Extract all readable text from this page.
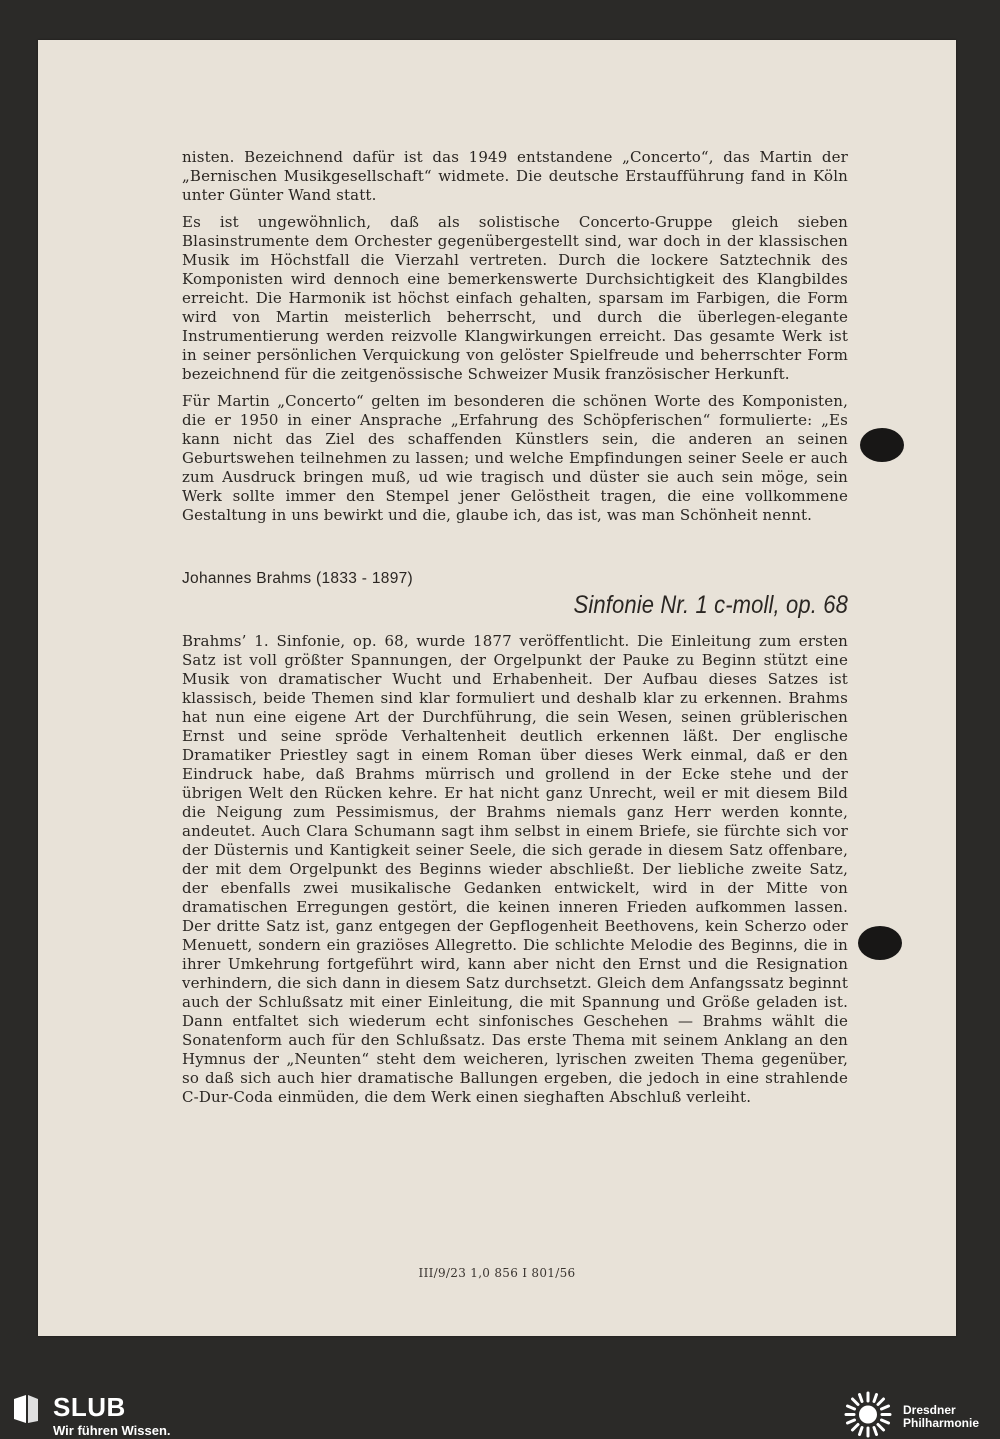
nisten. Bezeichnend dafür ist das 1949 entstandene „Concerto“, das Martin der „Bernischen Musikgesellschaft“ widmete. Die deutsche Erstaufführung fand in Köln unter Günter Wand statt.

Es ist ungewöhnlich, daß als solistische Concerto-Gruppe gleich sieben Blasinstrumente dem Orchester gegenübergestellt sind, war doch in der klassischen Musik im Höchstfall die Vierzahl vertreten. Durch die lockere Satztechnik des Komponisten wird dennoch eine bemerkenswerte Durchsichtigkeit des Klangbildes erreicht. Die Harmonik ist höchst einfach gehalten, sparsam im Farbigen, die Form wird von Martin meisterlich beherrscht, und durch die überlegen-elegante Instrumentierung werden reizvolle Klangwirkungen erreicht. Das gesamte Werk ist in seiner persönlichen Verquickung von gelöster Spielfreude und beherrschter Form bezeichnend für die zeitgenössische Schweizer Musik französischer Herkunft.

Für Martin „Concerto“ gelten im besonderen die schönen Worte des Komponisten, die er 1950 in einer Ansprache „Erfahrung des Schöpferischen“ formulierte: „Es kann nicht das Ziel des schaffenden Künstlers sein, die anderen an seinen Geburtswehen teilnehmen zu lassen; und welche Empfindungen seiner Seele er auch zum Ausdruck bringen muß, ud wie tragisch und düster sie auch sein möge, sein Werk sollte immer den Stempel jener Gelöstheit tragen, die eine vollkommene Gestaltung in uns bewirkt und die, glaube ich, das ist, was man Schönheit nennt.

Johannes Brahms (1833 - 1897)
Sinfonie Nr. 1 c-moll, op. 68

Brahms’ 1. Sinfonie, op. 68, wurde 1877 veröffentlicht. Die Einleitung zum ersten Satz ist voll größter Spannungen, der Orgelpunkt der Pauke zu Beginn stützt eine Musik von dramatischer Wucht und Erhabenheit. Der Aufbau dieses Satzes ist klassisch, beide Themen sind klar formuliert und deshalb klar zu erkennen. Brahms hat nun eine eigene Art der Durchführung, die sein Wesen, seinen grüblerischen Ernst und seine spröde Verhaltenheit deutlich erkennen läßt. Der englische Dramatiker Priestley sagt in einem Roman über dieses Werk einmal, daß er den Eindruck habe, daß Brahms mürrisch und grollend in der Ecke stehe und der übrigen Welt den Rücken kehre. Er hat nicht ganz Unrecht, weil er mit diesem Bild die Neigung zum Pessimismus, der Brahms niemals ganz Herr werden konnte, andeutet. Auch Clara Schumann sagt ihm selbst in einem Briefe, sie fürchte sich vor der Düsternis und Kantigkeit seiner Seele, die sich gerade in diesem Satz offenbare, der mit dem Orgelpunkt des Beginns wieder abschließt. Der liebliche zweite Satz, der ebenfalls zwei musikalische Gedanken entwickelt, wird in der Mitte von dramatischen Erregungen gestört, die keinen inneren Frieden aufkommen lassen. Der dritte Satz ist, ganz entgegen der Gepflogenheit Beethovens, kein Scherzo oder Menuett, sondern ein graziöses Allegretto. Die schlichte Melodie des Beginns, die in ihrer Umkehrung fortgeführt wird, kann aber nicht den Ernst und die Resignation verhindern, die sich dann in diesem Satz durchsetzt. Gleich dem Anfangssatz beginnt auch der Schlußsatz mit einer Einleitung, die mit Spannung und Größe geladen ist. Dann entfaltet sich wiederum echt sinfonisches Geschehen — Brahms wählt die Sonatenform auch für den Schlußsatz. Das erste Thema mit seinem Anklang an den Hymnus der „Neunten“ steht dem weicheren, lyrischen zweiten Thema gegenüber, so daß sich auch hier dramatische Ballungen ergeben, die jedoch in eine strahlende C-Dur-Coda einmüden, die dem Werk einen sieghaften Abschluß verleiht.

III/9/23 1,0 856 I 801/56
SLUB
Wir führen Wissen.
Dresdner
Philharmonie
